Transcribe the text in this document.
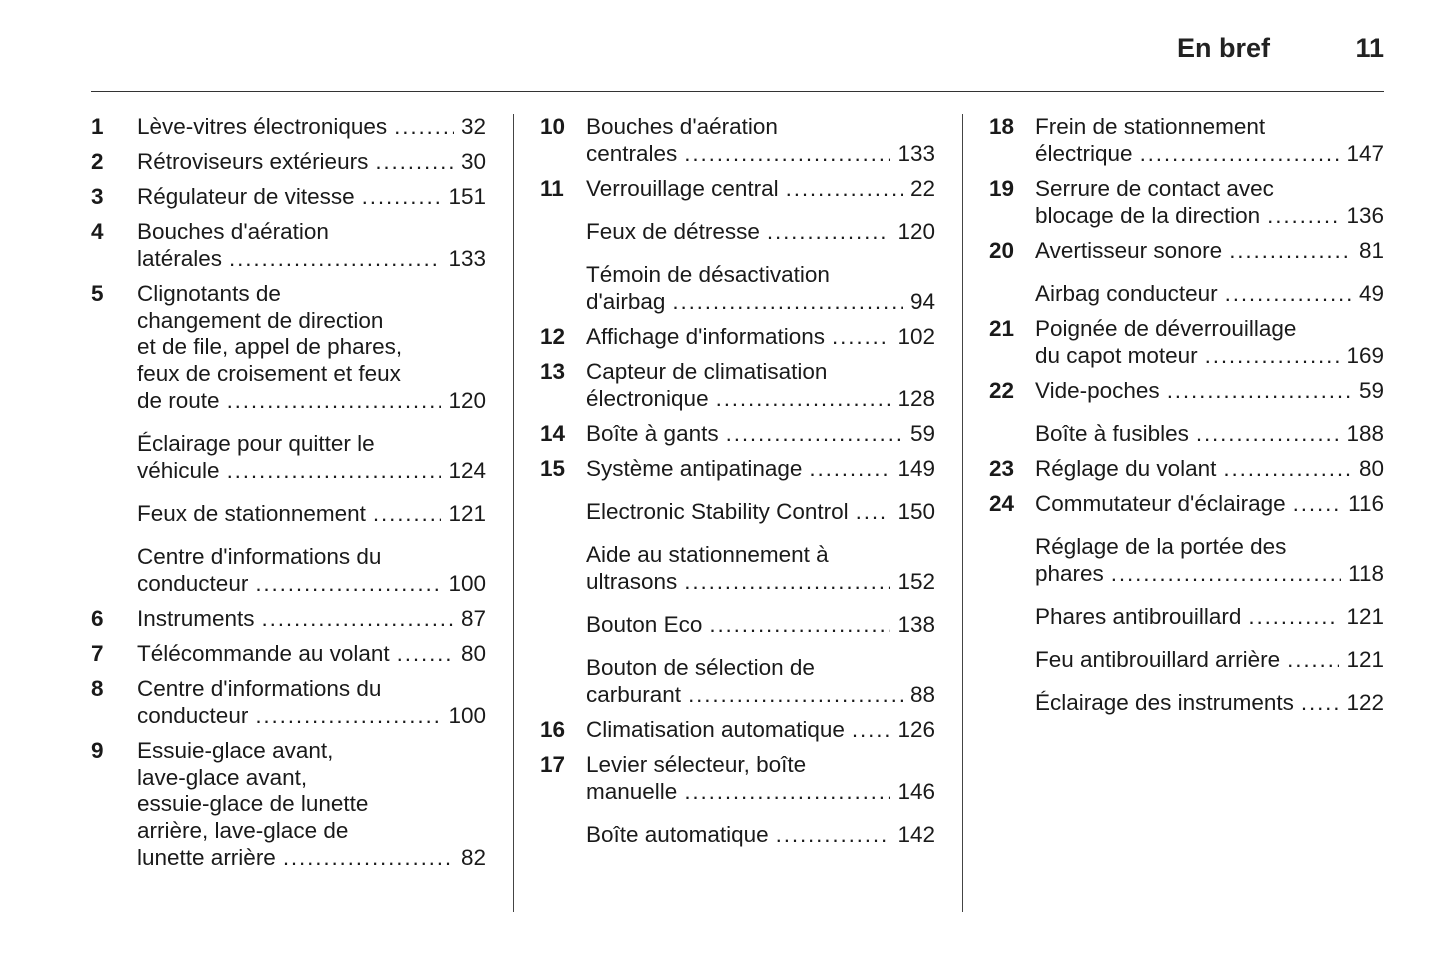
En bref	11
1 Lève-vitres électroniques . . .	32
2 Rétroviseurs extérieurs . . .	30
3 Régulateur de vitesse . . .	151
4 Bouches d'aération
latérales . . .	133
5 Clignotants de
changement de direction
et de file, appel de phares,
feux de croisement et feux
de route . . .	120
Éclairage pour quitter le
véhicule . . .	124
Feux de stationnement . . .	121
Centre d'informations du
conducteur . . .	100
6 Instruments . . .	87
7 Télécommande au volant . . .	80
8 Centre d'informations du
conducteur . . .	100
9 Essuie-glace avant,
lave-glace avant,
essuie-glace de lunette
arrière, lave-glace de
lunette arrière . . .	82
10 Bouches d'aération
centrales . . .	133
11 Verrouillage central . . .	22
Feux de détresse . . .	120
Témoin de désactivation
d'airbag . . .	94
12 Affichage d'informations . . .	102
13 Capteur de climatisation
électronique . . .	128
14 Boîte à gants . . .	59
15 Système antipatinage . . .	149
Electronic Stability Control . . . 150
Aide au stationnement à
ultrasons . . .	152
Bouton Eco . . .	138
Bouton de sélection de
carburant . . .	88
16 Climatisation automatique . . . 126
17 Levier sélecteur, boîte
manuelle . . .	146
Boîte automatique . . .	142
18 Frein de stationnement
électrique . . .	147
19 Serrure de contact avec
blocage de la direction . . .	136
20 Avertisseur sonore . . .	81
Airbag conducteur . . .	49
21 Poignée de déverrouillage
du capot moteur . . .	169
22 Vide-poches . . .	59
Boîte à fusibles . . .	188
23 Réglage du volant . . .	80
24 Commutateur d'éclairage . . .	116
Réglage de la portée des
phares . . .	118
Phares antibrouillard . . .	121
Feu antibrouillard arrière . . .	121
Éclairage des instruments . . . 122
